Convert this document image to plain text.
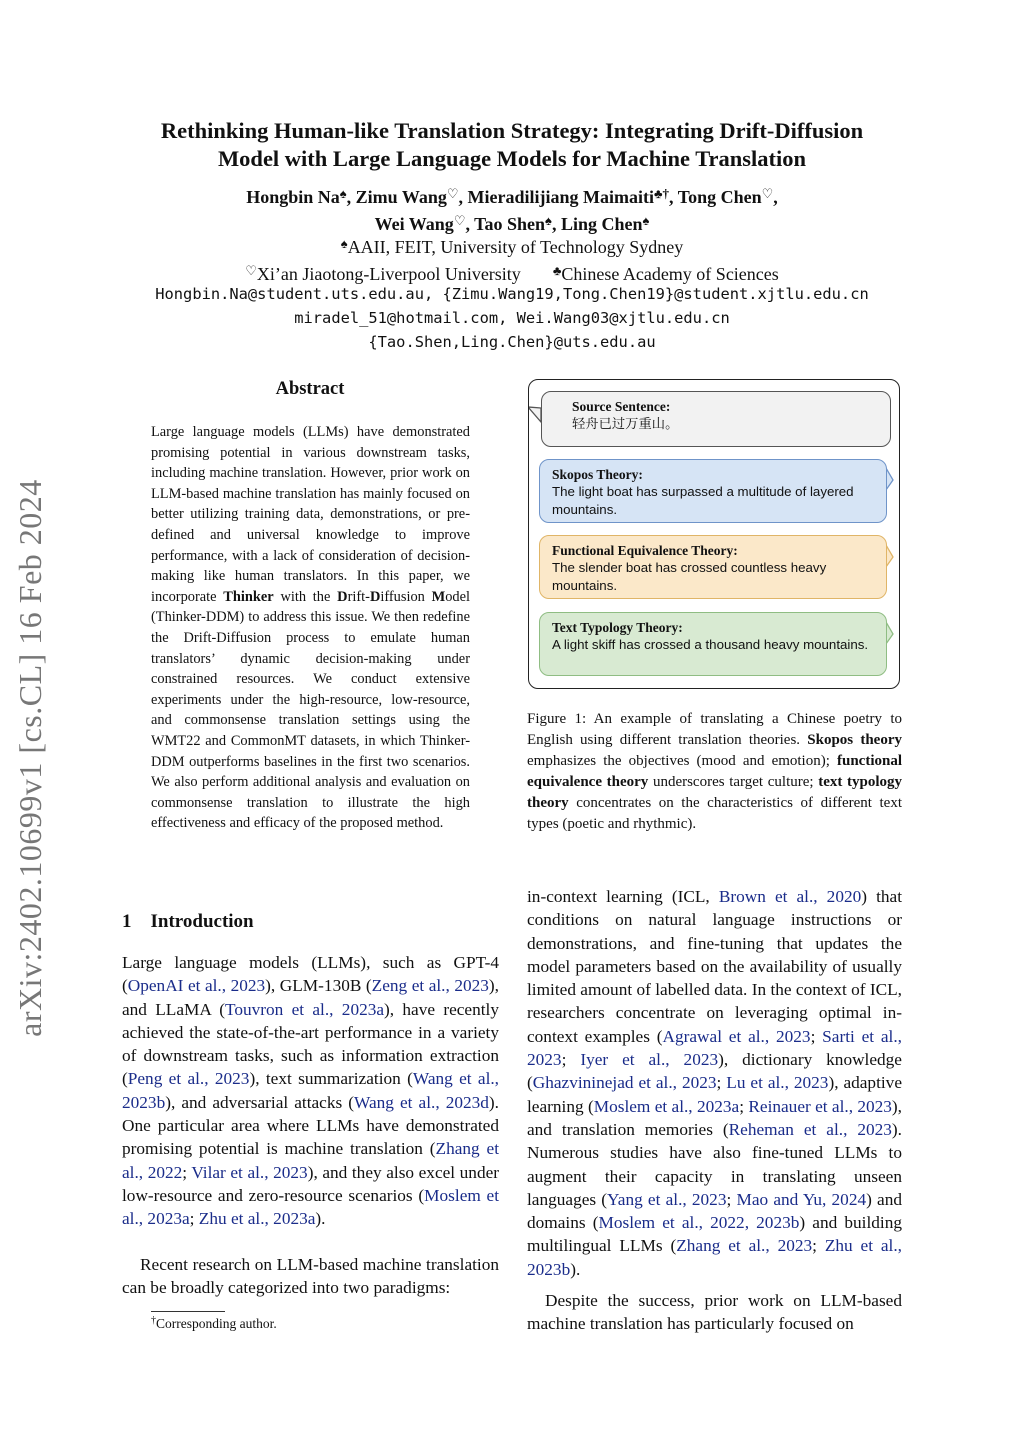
arXiv:2402.10699v1 [cs.CL] 16 Feb 2024
Rethinking Human-like Translation Strategy: Integrating Drift-Diffusion
Model with Large Language Models for Machine Translation
Hongbin Na♠, Zimu Wang♡, Mieradilijiang Maimaiti♣†, Tong Chen♡,
Wei Wang♡, Tao Shen♠, Ling Chen♠
♠AAII, FEIT, University of Technology Sydney
♡Xi’an Jiaotong-Liverpool University ♣Chinese Academy of Sciences
Hongbin.Na@student.uts.edu.au, {Zimu.Wang19,Tong.Chen19}@student.xjtlu.edu.cn
miradel_51@hotmail.com, Wei.Wang03@xjtlu.edu.cn
{Tao.Shen,Ling.Chen}@uts.edu.au
Abstract
Large language models (LLMs) have demonstrated promising potential in various downstream tasks, including machine translation. However, prior work on LLM-based machine translation has mainly focused on better utilizing training data, demonstrations, or pre-defined and universal knowledge to improve performance, with a lack of consideration of decision-making like human translators. In this paper, we incorporate Thinker with the Drift-Diffusion Model (Thinker-DDM) to address this issue. We then redefine the Drift-Diffusion process to emulate human translators’ dynamic decision-making under constrained resources. We conduct extensive experiments under the high-resource, low-resource, and commonsense translation settings using the WMT22 and CommonMT datasets, in which Thinker-DDM outperforms baselines in the first two scenarios. We also perform additional analysis and evaluation on commonsense translation to illustrate the high effectiveness and efficacy of the proposed method.
Source Sentence:
轻舟已过万重山。
Skopos Theory:
The light boat has surpassed a multitude of layered mountains.
Functional Equivalence Theory:
The slender boat has crossed countless heavy mountains.
Text Typology Theory:
A light skiff has crossed a thousand heavy mountains.
Figure 1: An example of translating a Chinese poetry to English using different translation theories. Skopos theory emphasizes the objectives (mood and emotion); functional equivalence theory underscores target culture; text typology theory concentrates on the characteristics of different text types (poetic and rhythmic).
1    Introduction
Large language models (LLMs), such as GPT-4 (OpenAI et al., 2023), GLM-130B (Zeng et al., 2023), and LLaMA (Touvron et al., 2023a), have recently achieved the state-of-the-art performance in a variety of downstream tasks, such as information extraction (Peng et al., 2023), text summarization (Wang et al., 2023b), and adversarial attacks (Wang et al., 2023d). One particular area where LLMs have demonstrated promising potential is machine translation (Zhang et al., 2022; Vilar et al., 2023), and they also excel under low-resource and zero-resource scenarios (Moslem et al., 2023a; Zhu et al., 2023a).
Recent research on LLM-based machine translation can be broadly categorized into two paradigms:
†Corresponding author.
in-context learning (ICL, Brown et al., 2020) that conditions on natural language instructions or demonstrations, and fine-tuning that updates the model parameters based on the availability of usually limited amount of labelled data. In the context of ICL, researchers concentrate on leveraging optimal in-context examples (Agrawal et al., 2023; Sarti et al., 2023; Iyer et al., 2023), dictionary knowledge (Ghazvininejad et al., 2023; Lu et al., 2023), adaptive learning (Moslem et al., 2023a; Reinauer et al., 2023), and translation memories (Reheman et al., 2023). Numerous studies have also fine-tuned LLMs to augment their capacity in translating unseen languages (Yang et al., 2023; Mao and Yu, 2024) and domains (Moslem et al., 2022, 2023b) and building multilingual LLMs (Zhang et al., 2023; Zhu et al., 2023b).
Despite the success, prior work on LLM-based machine translation has particularly focused on
